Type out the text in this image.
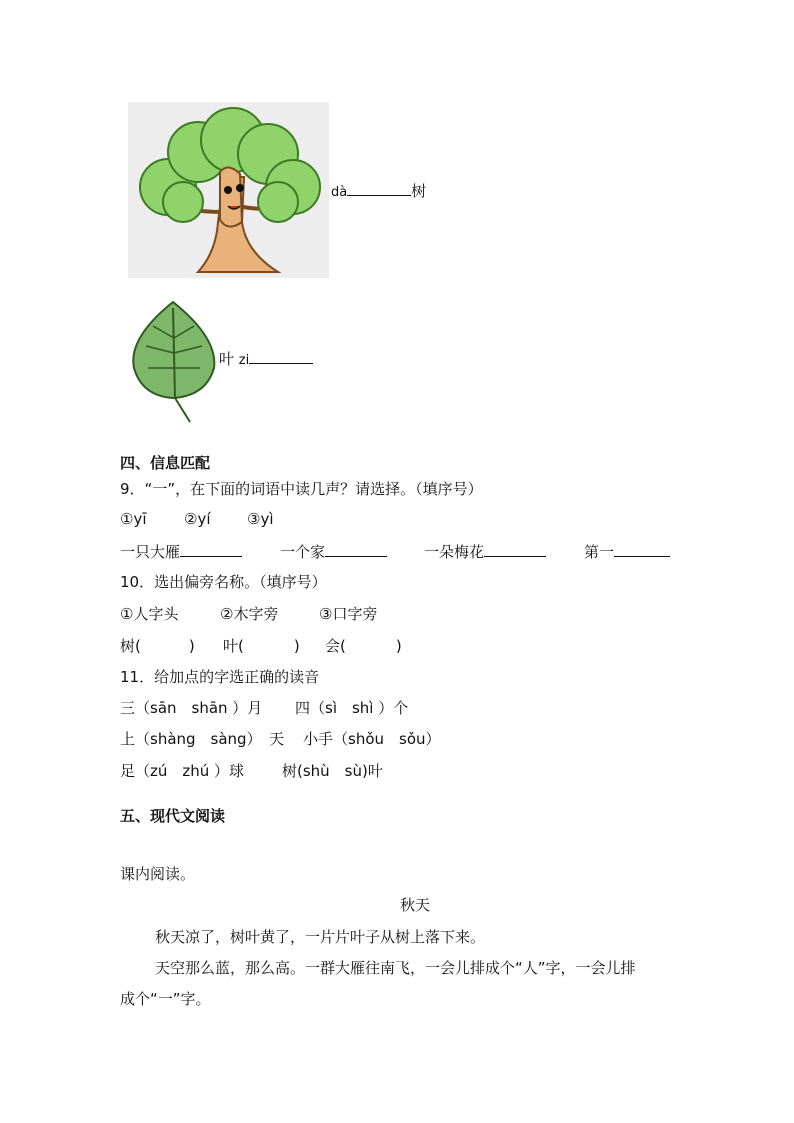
dà	树
叶 zi
四、信息匹配
9．“一”，在下面的词语中读几声？请选择。（填序号）
①yī	②yí ③yì
一只大雁	一个家	一朵梅花	第一
10．选出偏旁名称。（填序号）
①人字头	②木字旁	③口字旁
树(	) 叶(	) 会(	)
11．给加点的字选正确的读音
三（sān　shān ）月 四（sì　shì ）个
上（shàng　sàng）　天 小手（shǒu　sǒu）
足（zú　zhú ）球	树(shù　sù)叶
五、现代文阅读
课内阅读。
秋天
秋天凉了，树叶黄了，一片片叶子从树上落下来。
天空那么蓝，那么高。一群大雁往南飞，一会儿排成个“人”字，一会儿排
成个“一”字。
